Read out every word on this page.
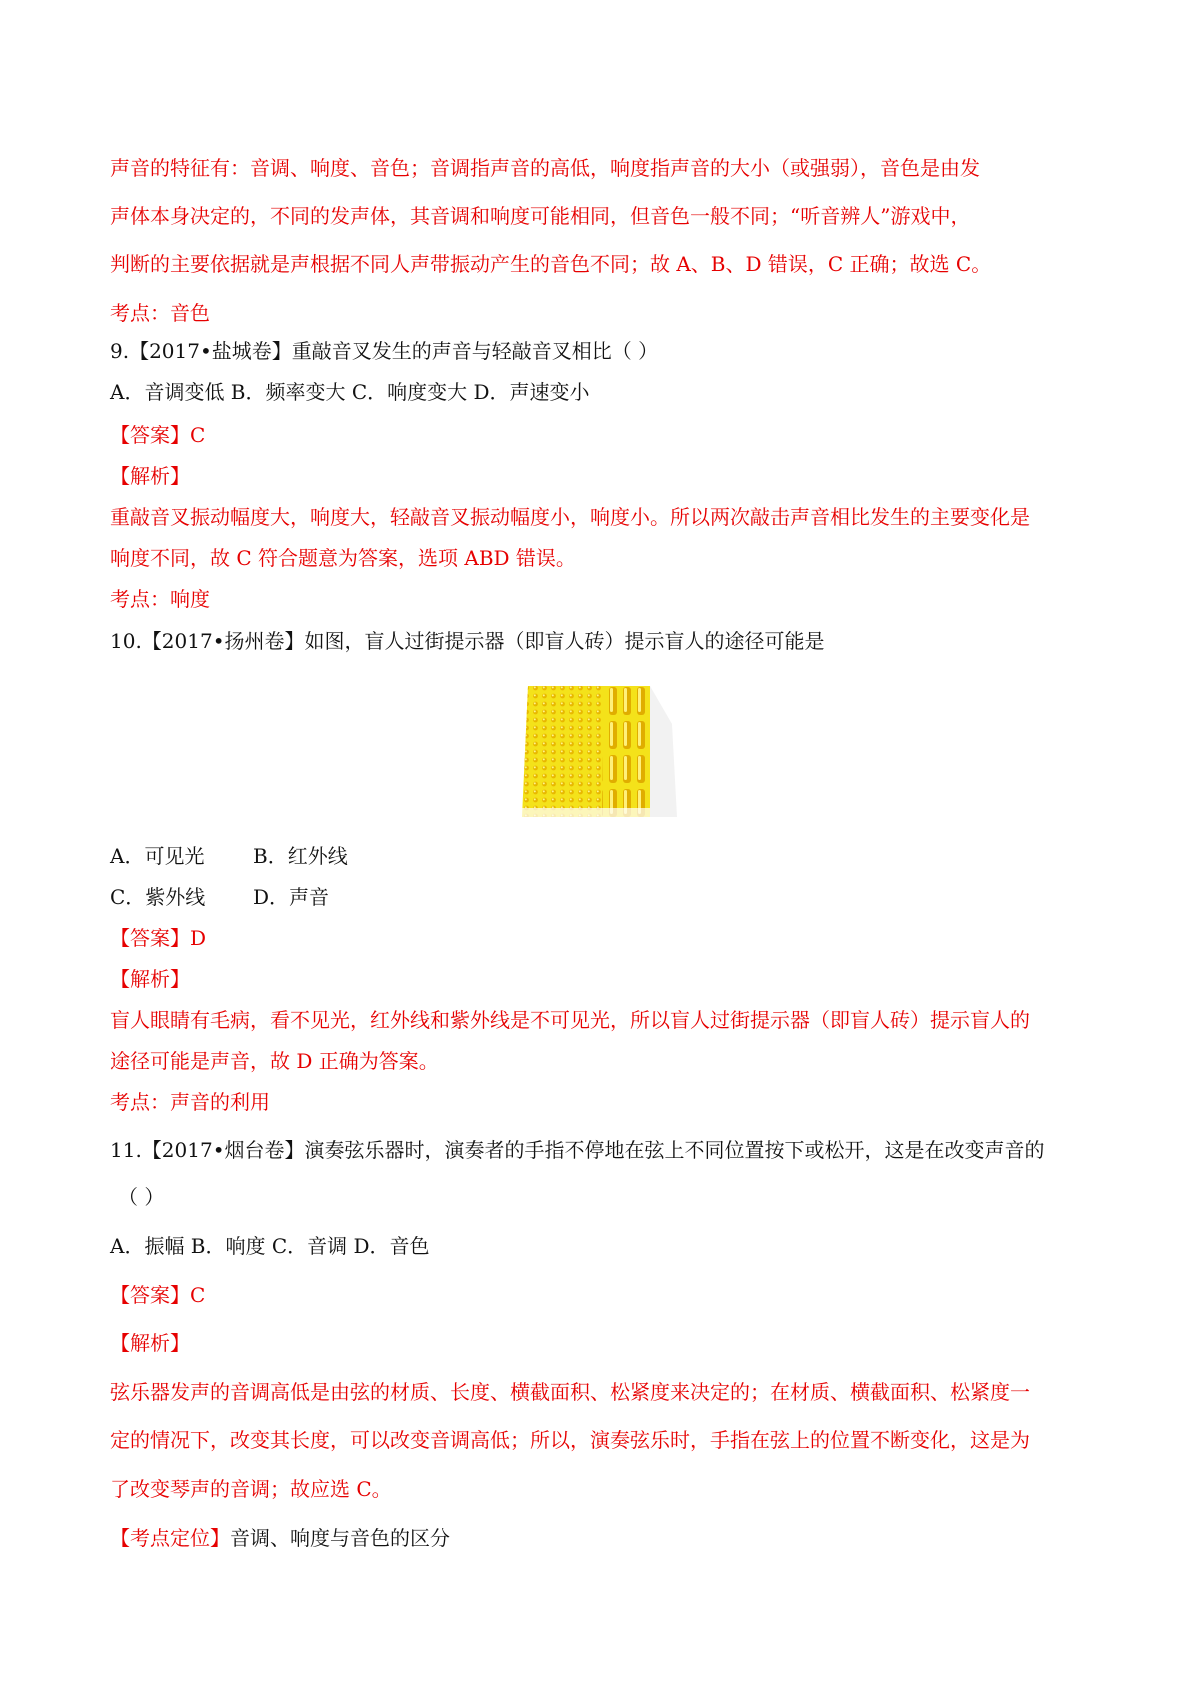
声音的特征有：音调、响度、音色；音调指声音的高低，响度指声音的大小（或强弱），音色是由发
声体本身决定的，不同的发声体，其音调和响度可能相同，但音色一般不同；“听音辨人”游戏中，
判断的主要依据就是声根据不同人声带振动产生的音色不同；故 A、B、D 错误，C 正确；故选 C。
考点：音色
9.【2017•盐城卷】重敲音叉发生的声音与轻敲音叉相比（ ）
A．音调变低 B．频率变大 C．响度变大 D．声速变小
【答案】C
【解析】
重敲音叉振动幅度大，响度大，轻敲音叉振动幅度小，响度小。所以两次敲击声音相比发生的主要变化是
响度不同，故 C 符合题意为答案，选项 ABD 错误。
考点：响度
10.【2017•扬州卷】如图，盲人过街提示器（即盲人砖）提示盲人的途径可能是
A．可见光 B．红外线
C．紫外线 D．声音
【答案】D
【解析】
盲人眼睛有毛病，看不见光，红外线和紫外线是不可见光，所以盲人过街提示器（即盲人砖）提示盲人的
途径可能是声音，故 D 正确为答案。
考点：声音的利用
11.【2017•烟台卷】演奏弦乐器时，演奏者的手指不停地在弦上不同位置按下或松开，这是在改变声音的
（ ）
A．振幅 B．响度 C．音调 D．音色
【答案】C
【解析】
弦乐器发声的音调高低是由弦的材质、长度、横截面积、松紧度来决定的；在材质、横截面积、松紧度一
定的情况下，改变其长度，可以改变音调高低；所以，演奏弦乐时，手指在弦上的位置不断变化，这是为
了改变琴声的音调；故应选 C。
【考点定位】音调、响度与音色的区分
